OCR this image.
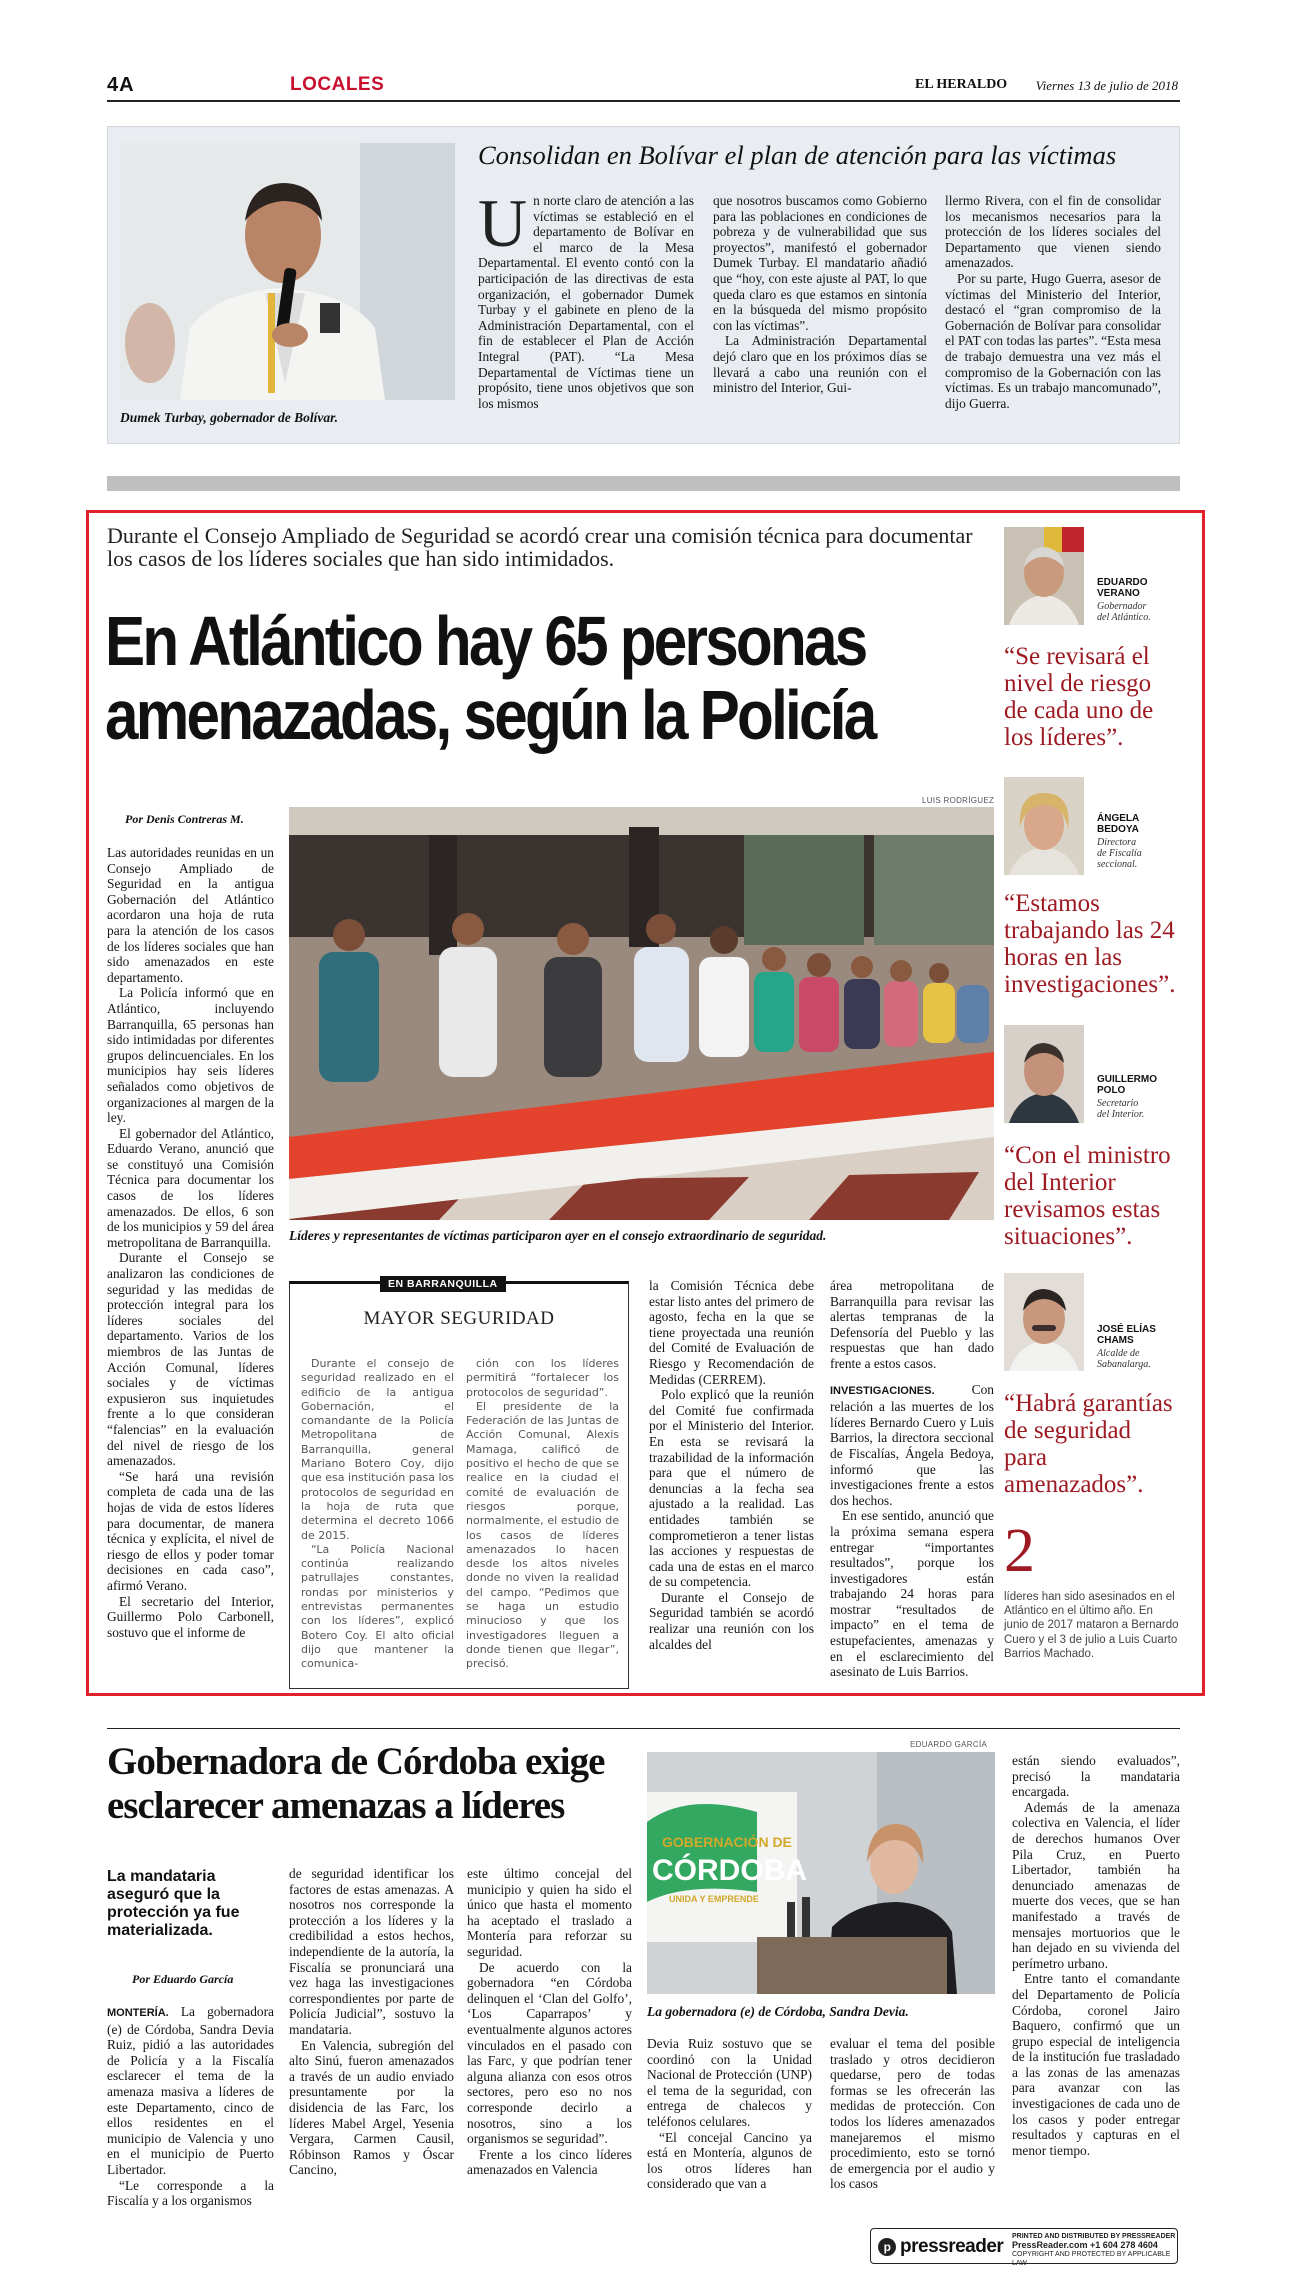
4A	LOCALES	EL HERALDO	Viernes 13 de julio de 2018
Dumek Turbay, gobernador de Bolívar.
Consolidan en Bolívar el plan de atención para las víctimas
Un norte claro de atención a las víctimas se estableció en el departamento de Bolívar en el marco de la Mesa Departamental. El evento contó con la participación de las directivas de esta organización, el gobernador Dumek Turbay y el gabinete en pleno de la Administración Departamental, con el fin de establecer el Plan de Acción Integral (PAT). “La Mesa Departamental de Víctimas tiene un propósito, tiene unos objetivos que son los mismos

que nosotros buscamos como Gobierno para las poblaciones en condiciones de pobreza y de vulnerabilidad que sus proyectos”, manifestó el gobernador Dumek Turbay. El mandatario añadió que “hoy, con este ajuste al PAT, lo que queda claro es que estamos en sintonía en la búsqueda del mismo propósito con las víctimas”.

La Administración Departamental dejó claro que en los próximos días se llevará a cabo una reunión con el ministro del Interior, Gui-

llermo Rivera, con el fin de consolidar los mecanismos necesarios para la protección de los líderes sociales del Departamento que vienen siendo amenazados.

Por su parte, Hugo Guerra, asesor de víctimas del Ministerio del Interior, destacó el “gran compromiso de la Gobernación de Bolívar para consolidar el PAT con todas las partes”. “Esta mesa de trabajo demuestra una vez más el compromiso de la Gobernación con las víctimas. Es un trabajo mancomunado”, dijo Guerra.

Durante el Consejo Ampliado de Seguridad se acordó crear una comisión técnica para documentar los casos de los líderes sociales que han sido intimidados.
En Atlántico hay 65 personas
amenazadas, según la Policía
Por Denis Contreras M.
LUIS RODRÍGUEZ
Líderes y representantes de víctimas participaron ayer en el consejo extraordinario de seguridad.

Las autoridades reunidas en un Consejo Ampliado de Seguridad en la antigua Gobernación del Atlántico acordaron una hoja de ruta para la atención de los casos de los líderes sociales que han sido amenazados en este departamento.

La Policía informó que en Atlántico, incluyendo Barranquilla, 65 personas han sido intimidadas por diferentes grupos delincuenciales. En los municipios hay seis líderes señalados como objetivos de organizaciones al margen de la ley.

El gobernador del Atlántico, Eduardo Verano, anunció que se constituyó una Comisión Técnica para documentar los casos de los líderes amenazados. De ellos, 6 son de los municipios y 59 del área metropolitana de Barranquilla.

Durante el Consejo se analizaron las condiciones de seguridad y las medidas de protección integral para los líderes sociales del departamento. Varios de los miembros de las Juntas de Acción Comunal, líderes sociales y de víctimas expusieron sus inquietudes frente a lo que consideran “falencias” en la evaluación del nivel de riesgo de los amenazados.

“Se hará una revisión completa de cada una de las hojas de vida de estos líderes para documentar, de manera técnica y explícita, el nivel de riesgo de ellos y poder tomar decisiones en cada caso”, afirmó Verano.

El secretario del Interior, Guillermo Polo Carbonell, sostuvo que el informe de

EN BARRANQUILLA
MAYOR SEGURIDAD

Durante el consejo de seguridad realizado en el edificio de la antigua Gobernación, el comandante de la Policía Metropolitana de Barranquilla, general Mariano Botero Coy, dijo que esa institución pasa los protocolos de seguridad en la hoja de ruta que determina el decreto 1066 de 2015.

“La Policía Nacional continúa realizando patrullajes constantes, rondas por ministerios y entrevistas permanentes con los líderes”, explicó Botero Coy. El alto oficial dijo que mantener la comunica-

ción con los líderes permitirá “fortalecer los protocolos de seguridad”.

El presidente de la Federación de las Juntas de Acción Comunal, Alexis Mamaga, calificó de positivo el hecho de que se realice en la ciudad el comité de evaluación de riesgos porque, normalmente, el estudio de los casos de líderes amenazados lo hacen desde los altos niveles donde no viven la realidad del campo. “Pedimos que se haga un estudio minucioso y que los investigadores lleguen a donde tienen que llegar”, precisó.

la Comisión Técnica debe estar listo antes del primero de agosto, fecha en la que se tiene proyectada una reunión del Comité de Evaluación de Riesgo y Recomendación de Medidas (CERREM).

Polo explicó que la reunión del Comité fue confirmada por el Ministerio del Interior. En esta se revisará la trazabilidad de la información para que el número de denuncias a la fecha sea ajustado a la realidad. Las entidades también se comprometieron a tener listas las acciones y respuestas de cada una de estas en el marco de su competencia.

Durante el Consejo de Seguridad también se acordó realizar una reunión con los alcaldes del

área metropolitana de Barranquilla para revisar las alertas tempranas de la Defensoría del Pueblo y las respuestas que han dado frente a estos casos.

INVESTIGACIONES.	Con relación a las muertes de los líderes Bernardo Cuero y Luis Barrios, la directora seccional de Fiscalías, Ángela Bedoya, informó que las investigaciones frente a estos dos hechos.

En ese sentido, anunció que la próxima semana espera entregar “importantes resultados”, porque los investigadores están trabajando 24 horas para mostrar “resultados de impacto” en el tema de estupefacientes, amenazas y en el esclarecimiento del asesinato de Luis Barrios.

EDUARDO
VERANO
Gobernador
del Atlántico.
“Se revisará el nivel de riesgo de cada uno de los líderes”.
ÁNGELA
BEDOYA
Directora
de Fiscalía seccional.
“Estamos trabajando las 24 horas en las investigaciones”.
GUILLERMO
POLO
Secretario
del Interior.
“Con el ministro del Interior revisamos estas situaciones”.
JOSÉ ELÍAS
CHAMS
Alcalde de
Sabanalarga.
“Habrá garantías de seguridad para amenazados”.
2
líderes han sido asesinados en el Atlántico en el último año. En junio de 2017 mataron a Bernardo Cuero y el 3 de julio a Luis Cuarto Barrios Machado.
Gobernadora de Córdoba exige
esclarecer amenazas a líderes
EDUARDO GARCÍA
GOBERNACIÓN DE
CÓRDOBA
UNIDA Y EMPRENDE
La gobernadora (e) de Córdoba, Sandra Devia.
La mandataria aseguró que la protección ya fue materializada.
Por Eduardo García

MONTERÍA. La gobernadora (e) de Córdoba, Sandra Devia Ruiz, pidió a las autoridades de Policía y a la Fiscalía esclarecer el tema de la amenaza masiva a líderes de este Departamento, cinco de ellos residentes en el municipio de Valencia y uno en el municipio de Puerto Libertador.

“Le corresponde a la Fiscalía y a los organismos

de seguridad identificar los factores de estas amenazas. A nosotros nos corresponde la protección a los líderes y la credibilidad a estos hechos, independiente de la autoría, la Fiscalía se pronunciará una vez haga las investigaciones correspondientes por parte de Policía Judicial”, sostuvo la mandataria.

En Valencia, subregión del alto Sinú, fueron amenazados a través de un audio enviado presuntamente por la disidencia de las Farc, los líderes Mabel Argel, Yesenia Vergara, Carmen Causil, Róbinson Ramos y Óscar Cancino,

este último concejal del municipio y quien ha sido el único que hasta el momento ha aceptado el traslado a Montería para reforzar su seguridad.

De acuerdo con la gobernadora “en Córdoba delinquen el ‘Clan del Golfo’, ‘Los Caparrapos’ y eventualmente algunos actores vinculados en el pasado con las Farc, y que podrían tener alguna alianza con esos otros sectores, pero eso no nos corresponde decirlo a nosotros, sino a los organismos se seguridad”.

Frente a los cinco líderes amenazados en Valencia

Devia Ruiz sostuvo que se coordinó con la Unidad Nacional de Protección (UNP) el tema de la seguridad, con entrega de chalecos y teléfonos celulares.

“El concejal Cancino ya está en Montería, algunos de los otros líderes han considerado que van a

evaluar el tema del posible traslado y otros decidieron quedarse, pero de todas formas se les ofrecerán las medidas de protección. Con todos los líderes amenazados manejaremos el mismo procedimiento, esto se tornó de emergencia por el audio y los casos

están siendo evaluados”, precisó la mandataria encargada.

Además de la amenaza colectiva en Valencia, el líder de derechos humanos Over Pila Cruz, en Puerto Libertador, también ha denunciado amenazas de muerte dos veces, que se han manifestado a través de mensajes mortuorios que le han dejado en su vivienda del perímetro urbano.

Entre tanto el comandante del Departamento de Policía Córdoba, coronel Jairo Baquero, confirmó que un grupo especial de inteligencia de la institución fue trasladado a las zonas de las amenazas para avanzar con las investigaciones de cada uno de los casos y poder entregar resultados y capturas en el menor tiempo.

p pressreader PRINTED AND DISTRIBUTED BY PRESSREADER
PressReader.com +1 604 278 4604
COPYRIGHT AND PROTECTED BY APPLICABLE LAW
